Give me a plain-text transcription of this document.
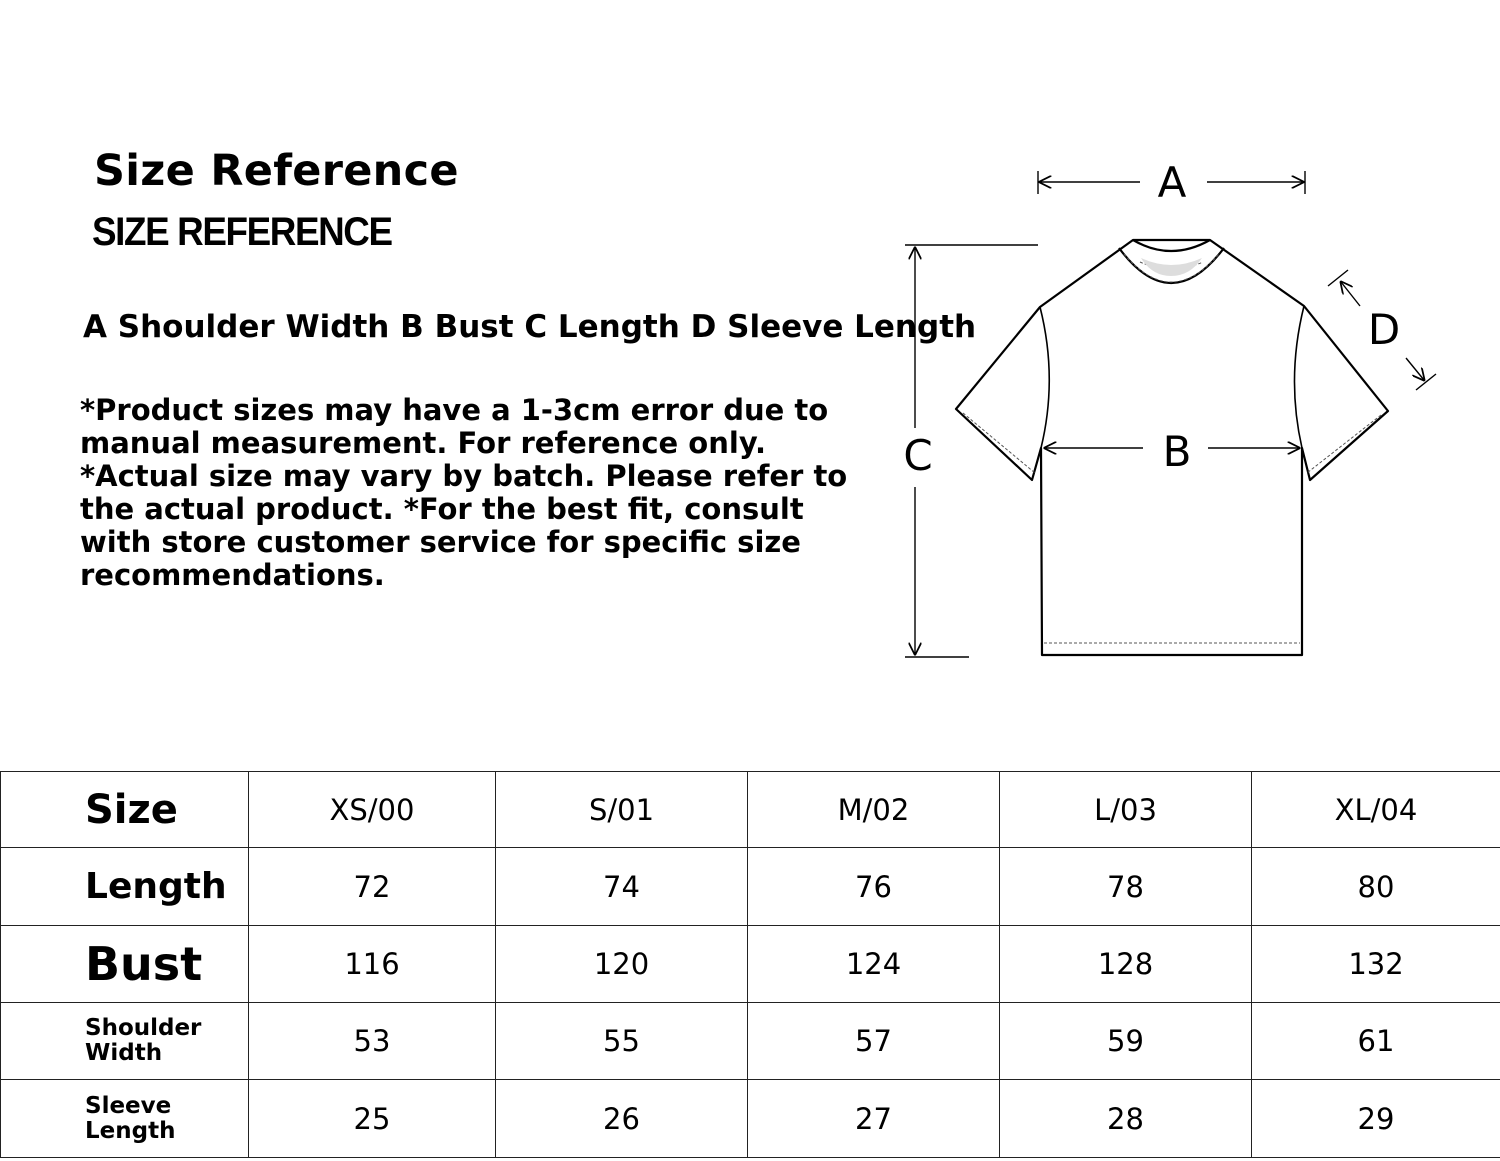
Size Reference
SIZE REFERENCE
A Shoulder Width B Bust C Length D Sleeve Length
*Product sizes may have a 1-3cm error due to manual measurement. For reference only. *Actual size may vary by batch. Please refer to the actual product. *For the best fit, consult with store customer service for specific size recommendations.
A
B
C
D
Size	XS/00	S/01	M/02	L/03	XL/04
Length	72	74	76	78	80
Bust	116	120	124	128	132

Shoulder Width	53	55	57	59	61

Sleeve Length	25	26	27	28	29
